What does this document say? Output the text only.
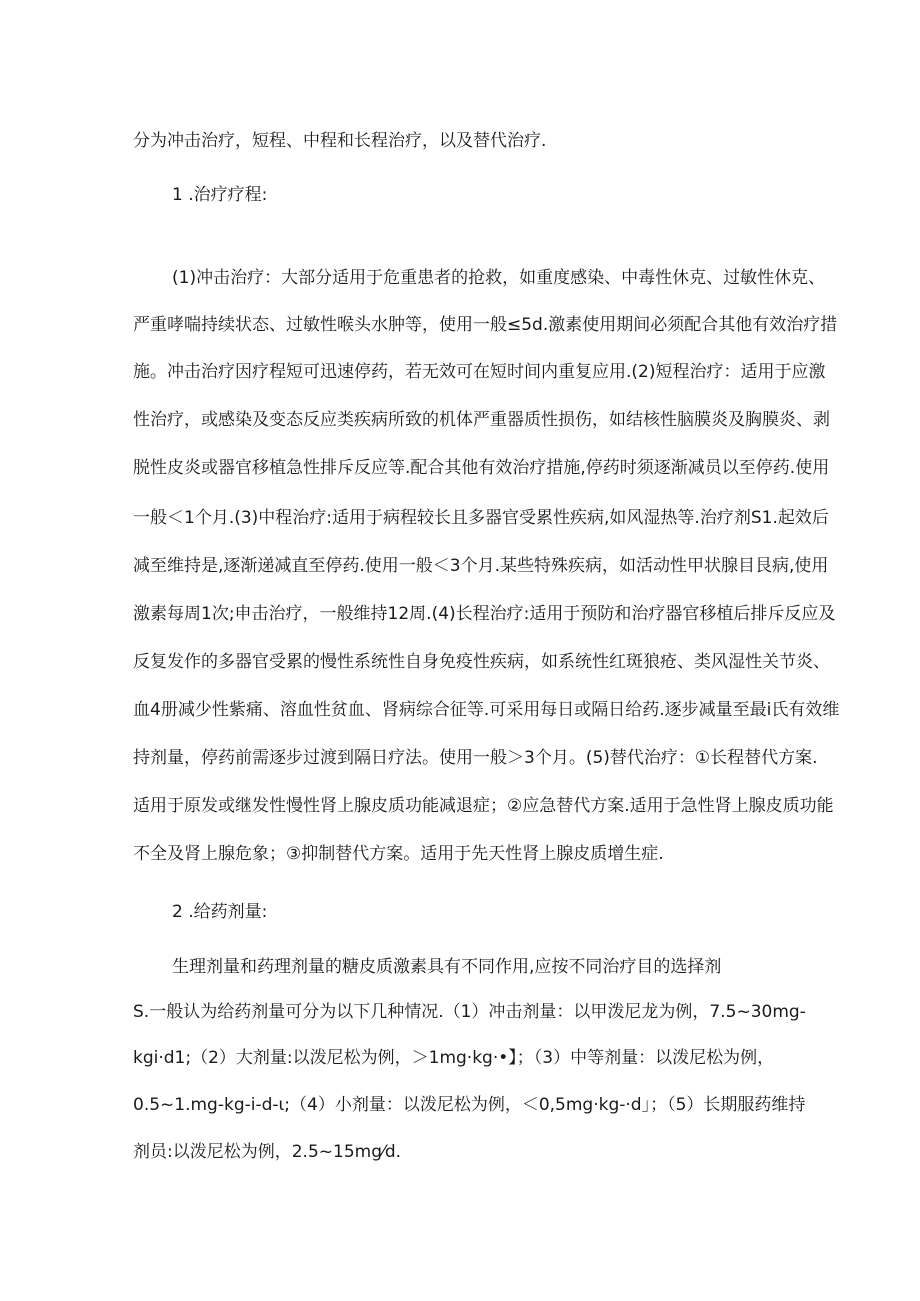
分为冲击治疗，短程、中程和长程治疗，以及替代治疗.
1 .治疗疗程:
(1)冲击治疗：大部分适用于危重患者的抢救，如重度感染、中毒性休克、过敏性休克、
严重哮喘持续状态、过敏性喉头水肿等，使用一般≤5d.激素使用期间必须配合其他有效治疗措
施。冲击治疗因疗程短可迅速停药，若无效可在短时间内重复应用.(2)短程治疗：适用于应激
性治疗，或感染及变态反应类疾病所致的机体严重器质性损伤，如结核性脑膜炎及胸膜炎、剥
脱性皮炎或器官移植急性排斥反应等.配合其他有效治疗措施,停药时须逐渐减员以至停药.使用
一般＜1个月.(3)中程治疗:适用于病程较长且多器官受累性疾病,如风湿热等.治疗剂S1.起效后
减至维持是,逐渐递减直至停药.使用一般＜3个月.某些特殊疾病，如活动性甲状腺目艮病,使用
激素每周1次;申击治疗，一般维持12周.(4)长程治疗:适用于预防和治疗器官移植后排斥反应及
反复发作的多器官受累的慢性系统性自身免疫性疾病，如系统性红斑狼疮、类风湿性关节炎、
血4册减少性紫痛、溶血性贫血、肾病综合征等.可采用每日或隔日给药.逐步减量至最i氏有效维
持剂量，停药前需逐步过渡到隔日疗法。使用一般＞3个月。(5)替代治疗：①长程替代方案.
适用于原发或继发性慢性肾上腺皮质功能减退症；②应急替代方案.适用于急性肾上腺皮质功能
不全及肾上腺危象；③抑制替代方案。适用于先天性肾上腺皮质增生症.
2 .给药剂量:
生理剂量和药理剂量的糖皮质激素具有不同作用,应按不同治疗目的选择剂
S.一般认为给药剂量可分为以下几种情况.（1）冲击剂量：以甲泼尼龙为例，7.5~30mg-
kgi·d1;（2）大剂量:以泼尼松为例，＞1mg·kg·•】；（3）中等剂量：以泼尼松为例，
0.5~1.mg-kg-i-d-ι;（4）小剂量：以泼尼松为例，＜0,5mg·kg-·d」；（5）长期服药维持
剂员:以泼尼松为例，2.5~15mg⁄d.
